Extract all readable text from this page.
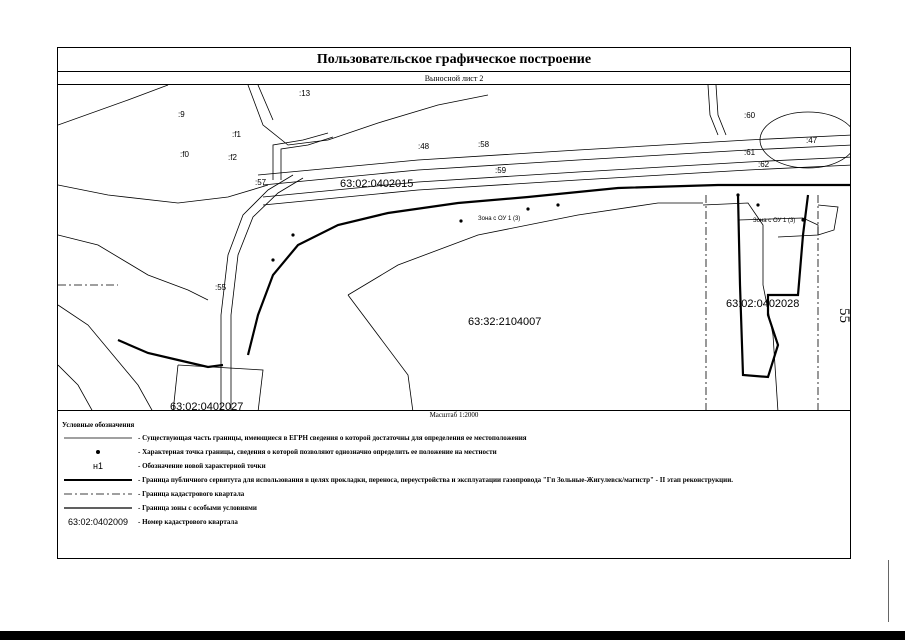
Пользовательское графическое построение
Выносной лист 2
:9
:f1
:f0	:f2
:13
:57
:55
:58
:48
:59
:60
:47
:61
:62
Зона с ОУ 1 (3)	Зона с ОУ 1 (3)
63:02:0402015
63:32:2104007
63:02:0402028
63:02:0402027
Масштаб 1:2000
Условные обозначения
- Существующая часть границы, имеющиеся в ЕГРН сведения о которой достаточны для определения ее местоположения
- Характерная точка границы, сведения о которой позволяют однозначно определить ее положение на местности
н1	- Обозначение новой характерной точки
- Граница публичного сервитута для использования в целях прокладки, переноса, переустройства и эксплуатации газопровода "Гп Зольные-Жигулевск/магистр" - II этап реконструкции.
- Граница кадастрового квартала
- Граница зоны с особыми условиями
63:02:0402009	- Номер кадастрового квартала
55
